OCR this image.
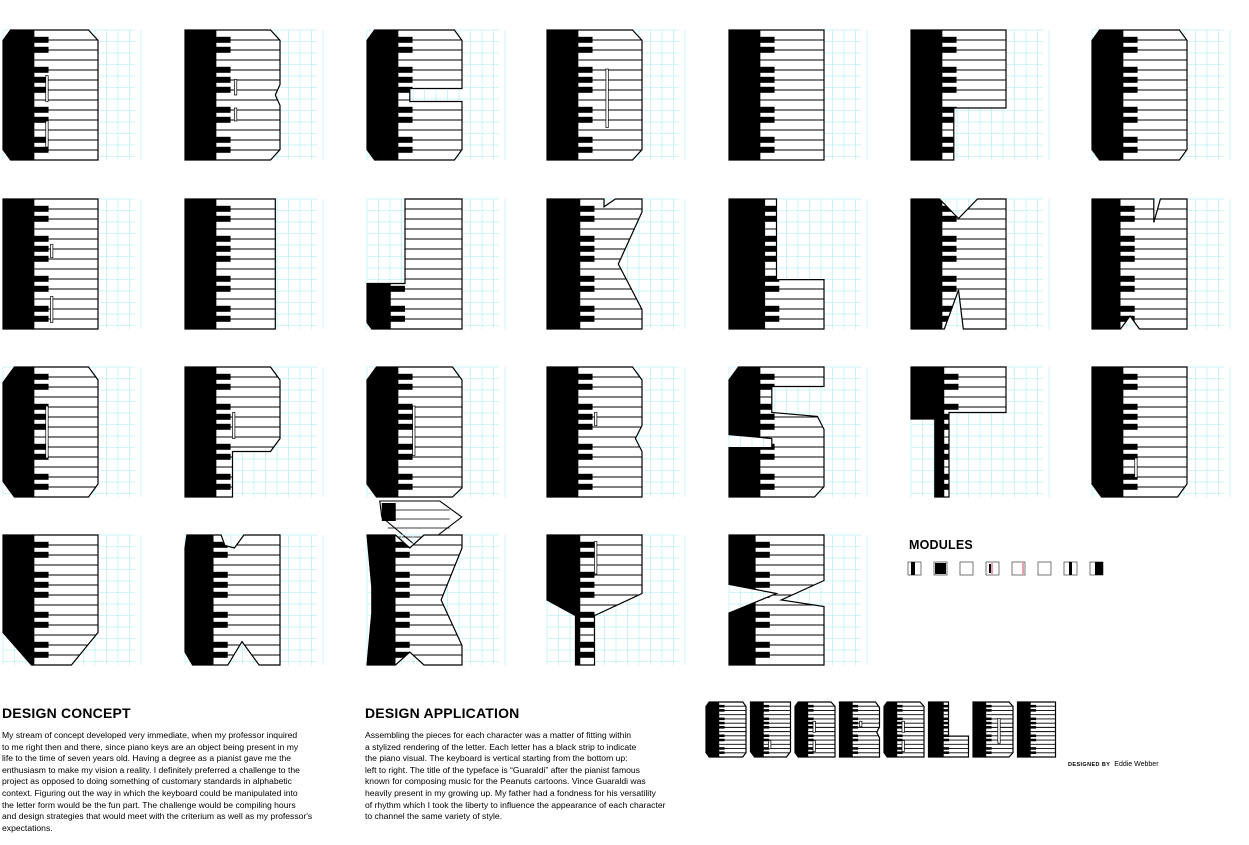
MODULES
DESIGN CONCEPT

My stream of concept developed very immediate, when my professor inquired
to me right then and there, since piano keys are an object being present in my
life to the time of seven years old. Having a degree as a pianist gave me the
enthusiasm to make my vision a reality. I definitely preferred a challenge to the
project as opposed to doing something of customary standards in alphabetic
context. Figuring out the way in which the keyboard could be manipulated into
the letter form would be the fun part. The challenge would be compiling hours
and design strategies that would meet with the criterium as well as my professor's
expectations.

DESIGN APPLICATION

Assembling the pieces for each character was a matter of fitting within
a stylized rendering of the letter. Each letter has a black strip to indicate
the piano visual. The keyboard is vertical starting from the bottom up:
left to right. The title of the typeface is “Guaraldi” after the pianist famous
known for composing music for the Peanuts cartoons. Vince Guaraldi was
heavily present in my growing up. My father had a fondness for his versatility
of rhythm which I took the liberty to influence the appearance of each character
to channel the same variety of style.

DESIGNED BY Eddie Webber
